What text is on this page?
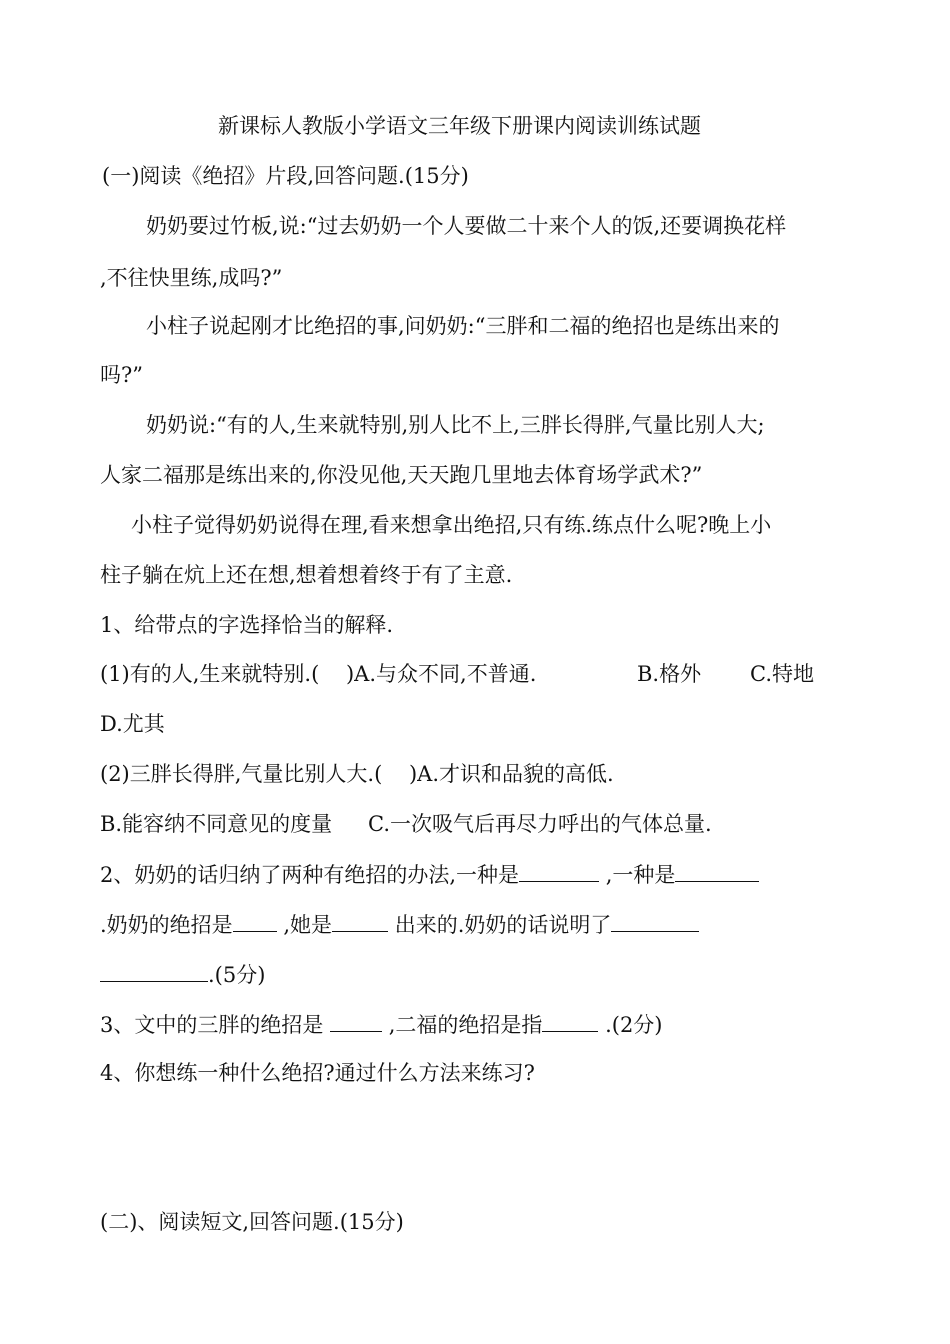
新课标人教版小学语文三年级下册课内阅读训练试题
(一)阅读《绝招》片段,回答问题.(15分)
奶奶要过竹板,说:“过去奶奶一个人要做二十来个人的饭,还要调换花样
,不往快里练,成吗?”
小柱子说起刚才比绝招的事,问奶奶:“三胖和二福的绝招也是练出来的
吗?”
奶奶说:“有的人,生来就特别,别人比不上,三胖长得胖,气量比别人大;
人家二福那是练出来的,你没见他,天天跑几里地去体育场学武术?”
小柱子觉得奶奶说得在理,看来想拿出绝招,只有练.练点什么呢?晚上小
柱子躺在炕上还在想,想着想着终于有了主意.
1、给带点的字选择恰当的解释.
(1)有的人,生来就特别.(    )A.与众不同,不普通.	B.格外 C.特地
D.尤其
(2)三胖长得胖,气量比别人大.(    )A.才识和品貌的高低.
B.能容纳不同意见的度量 C.一次吸气后再尽力呼出的气体总量.
2、奶奶的话归纳了两种有绝招的办法,一种是	,一种是
.奶奶的绝招是 ,她是	出来的.奶奶的话说明了
.(5分)
3、文中的三胖的绝招是  ,二福的绝招是指	.(2分)
4、你想练一种什么绝招?通过什么方法来练习?
(二)、阅读短文,回答问题.(15分)
